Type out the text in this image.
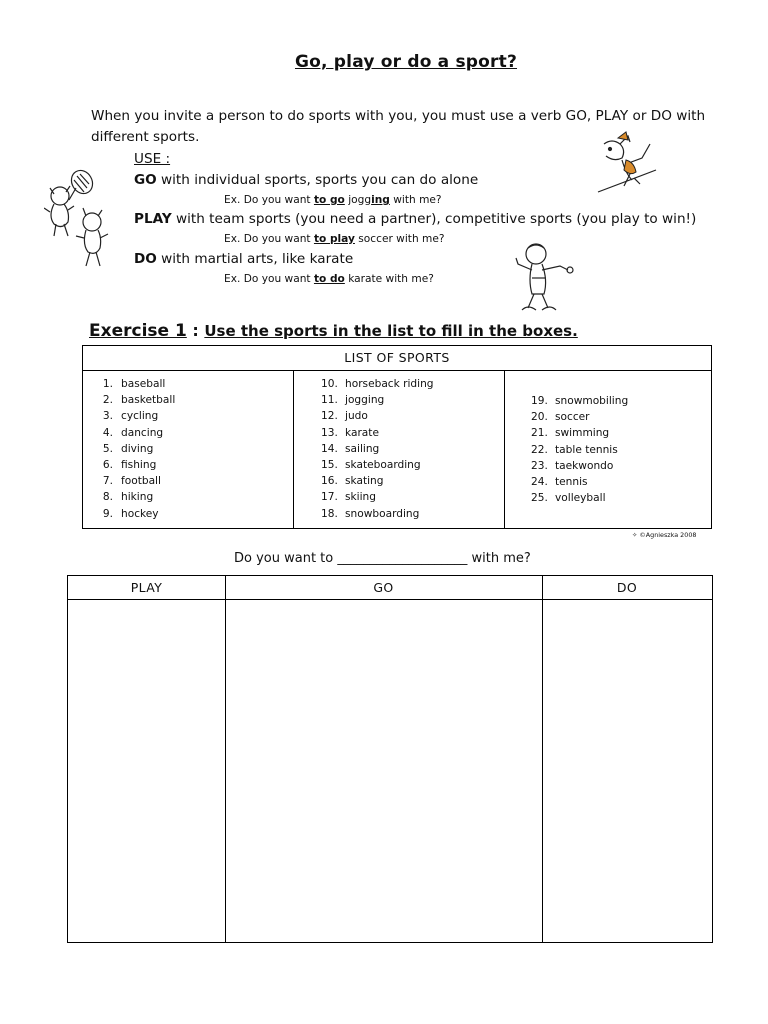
Go, play or do a sport?
When you invite a person to do sports with you, you must use a verb GO, PLAY or DO with different sports.
USE :
GO with individual sports, sports you can do alone
Ex. Do you want to go jogging with me?
PLAY with team sports (you need a partner), competitive sports (you play to win!)
Ex. Do you want to play soccer with me?
DO with martial arts, like karate
Ex. Do you want to do karate with me?
Exercise 1 : Use the sports in the list to fill in the boxes.
LIST OF SPORTS
1. baseball
2. basketball
3. cycling
4. dancing
5. diving
6. fishing
7. football
8. hiking
9. hockey
10. horseback riding
11. jogging
12. judo
13. karate
14. sailing
15. skateboarding
16. skating
17. skiing
18. snowboarding
19. snowmobiling
20. soccer
21. swimming
22. table tennis
23. taekwondo
24. tennis
25. volleyball
✧ ©Agnieszka 2008
Do you want to ____________________ with me?
PLAY	GO	DO
